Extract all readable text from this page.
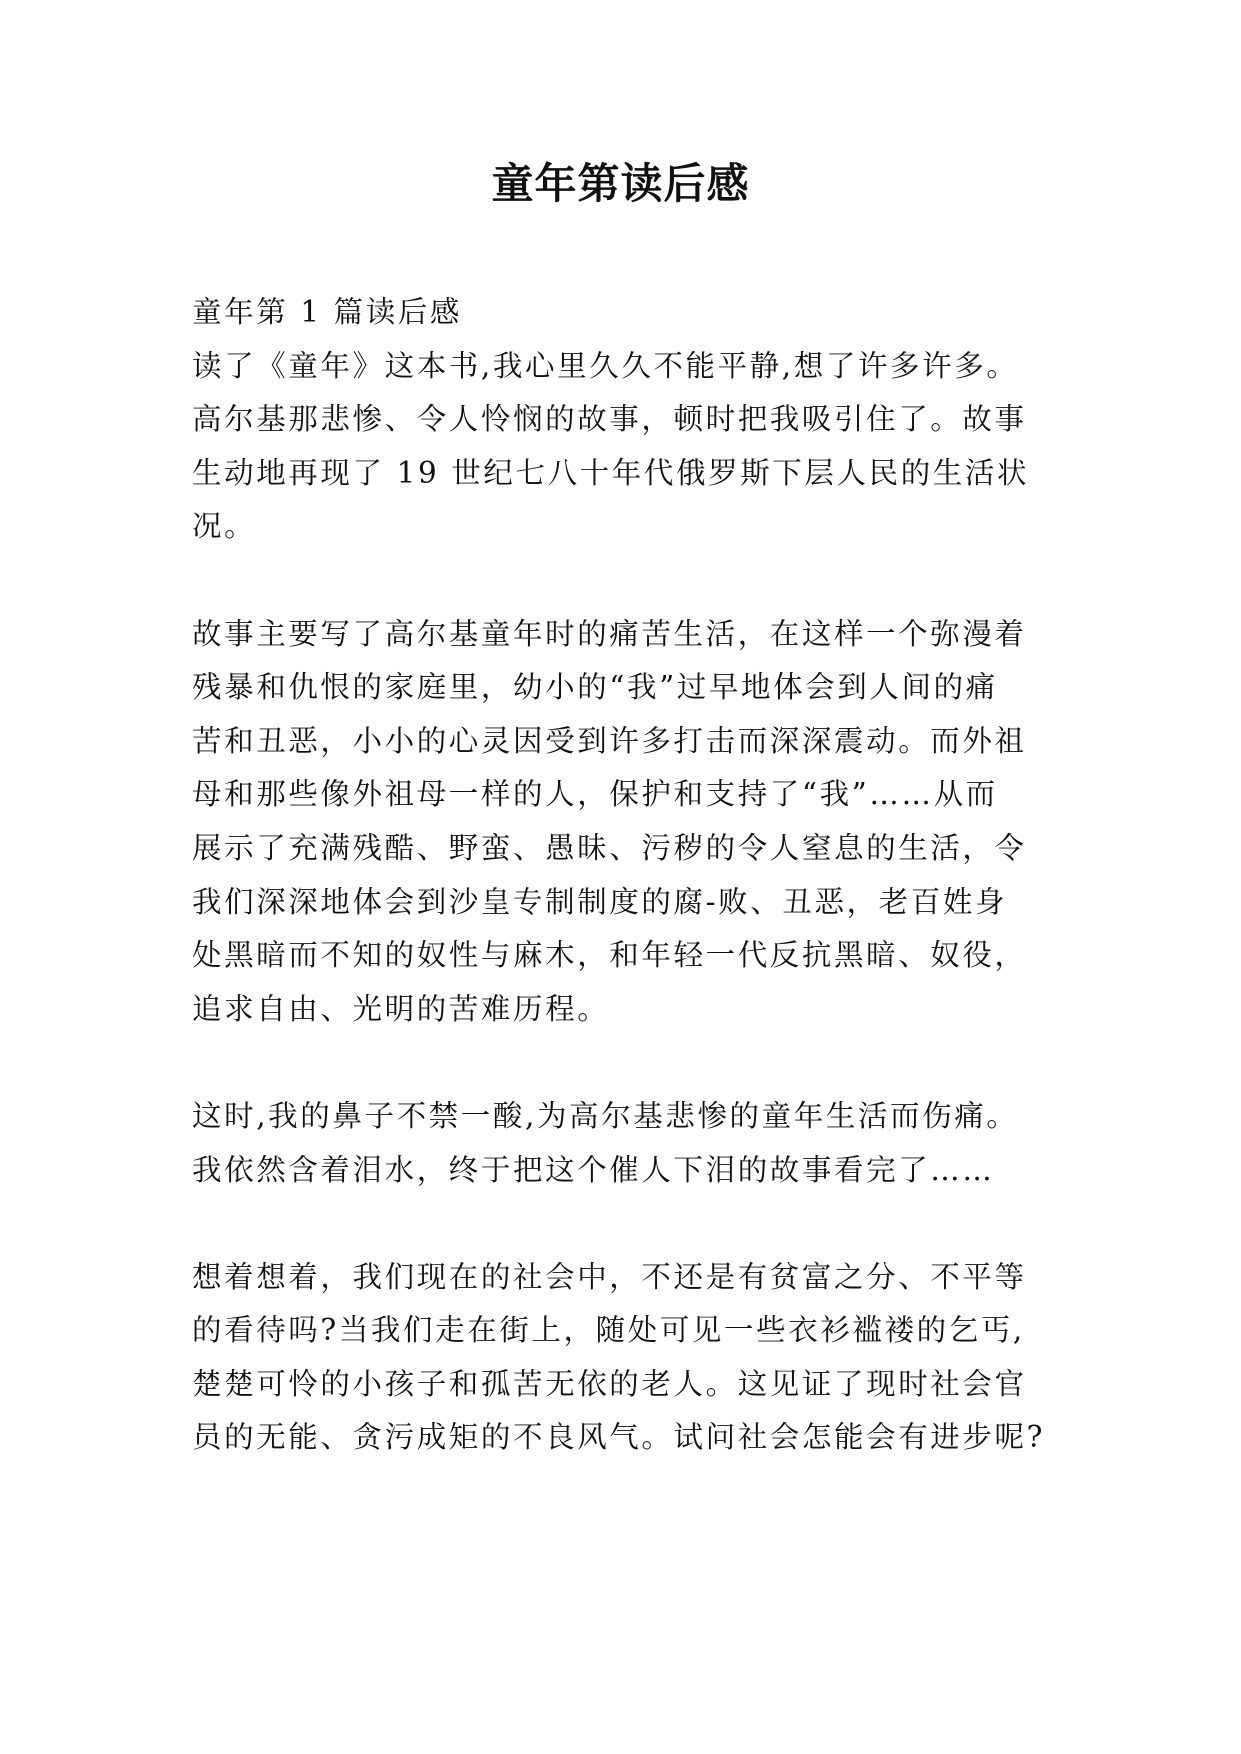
童年第读后感
童年第 1 篇读后感
读了《童年》这本书,我心里久久不能平静,想了许多许多。
高尔基那悲惨、令人怜悯的故事，顿时把我吸引住了。故事
生动地再现了 19 世纪七八十年代俄罗斯下层人民的生活状
况。
故事主要写了高尔基童年时的痛苦生活，在这样一个弥漫着
残暴和仇恨的家庭里，幼小的“我”过早地体会到人间的痛
苦和丑恶，小小的心灵因受到许多打击而深深震动。而外祖
母和那些像外祖母一样的人，保护和支持了“我”……从而
展示了充满残酷、野蛮、愚昧、污秽的令人窒息的生活，令
我们深深地体会到沙皇专制制度的腐-败、丑恶，老百姓身
处黑暗而不知的奴性与麻木，和年轻一代反抗黑暗、奴役，
追求自由、光明的苦难历程。
这时,我的鼻子不禁一酸,为高尔基悲惨的童年生活而伤痛。
我依然含着泪水，终于把这个催人下泪的故事看完了……
想着想着，我们现在的社会中，不还是有贫富之分、不平等
的看待吗?当我们走在街上，随处可见一些衣衫褴褛的乞丐,
楚楚可怜的小孩子和孤苦无依的老人。这见证了现时社会官
员的无能、贪污成矩的不良风气。试问社会怎能会有进步呢?
